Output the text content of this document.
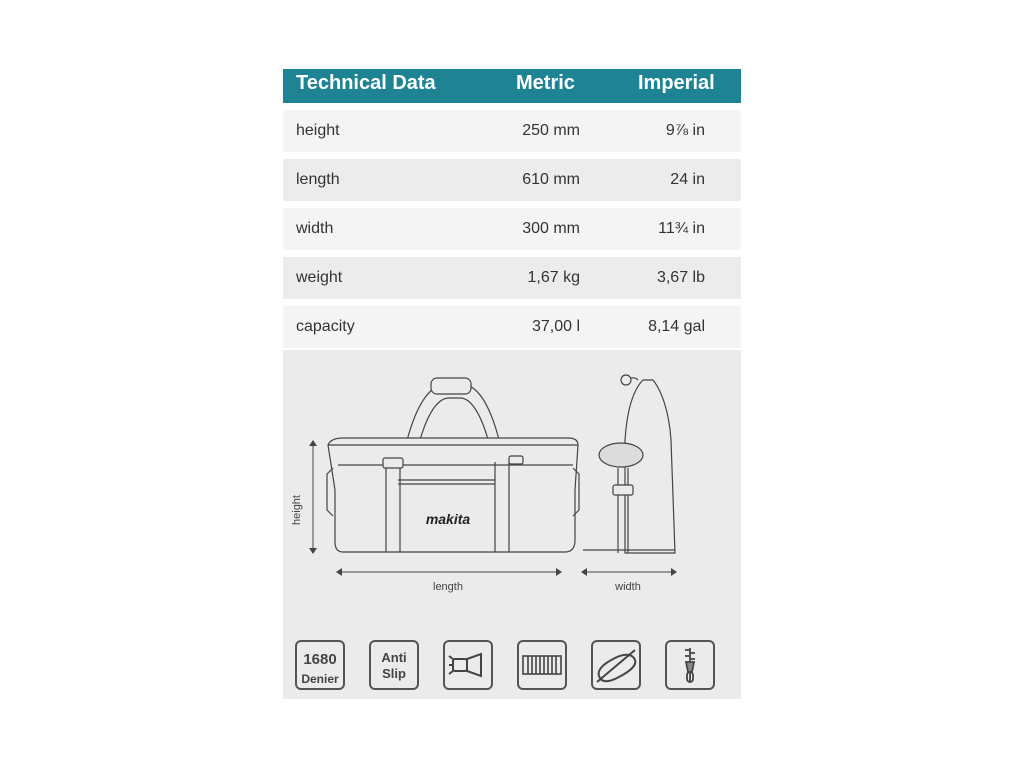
Technical Data	Metric	Imperial
height	250 mm	9⅞ in
length	610 mm	24 in
width	300 mm	11¾ in
weight	1,67 kg	3,67 lb
capacity	37,00 l	8,14 gal
height
length	width
makita
1680
Denier
Anti
Slip
